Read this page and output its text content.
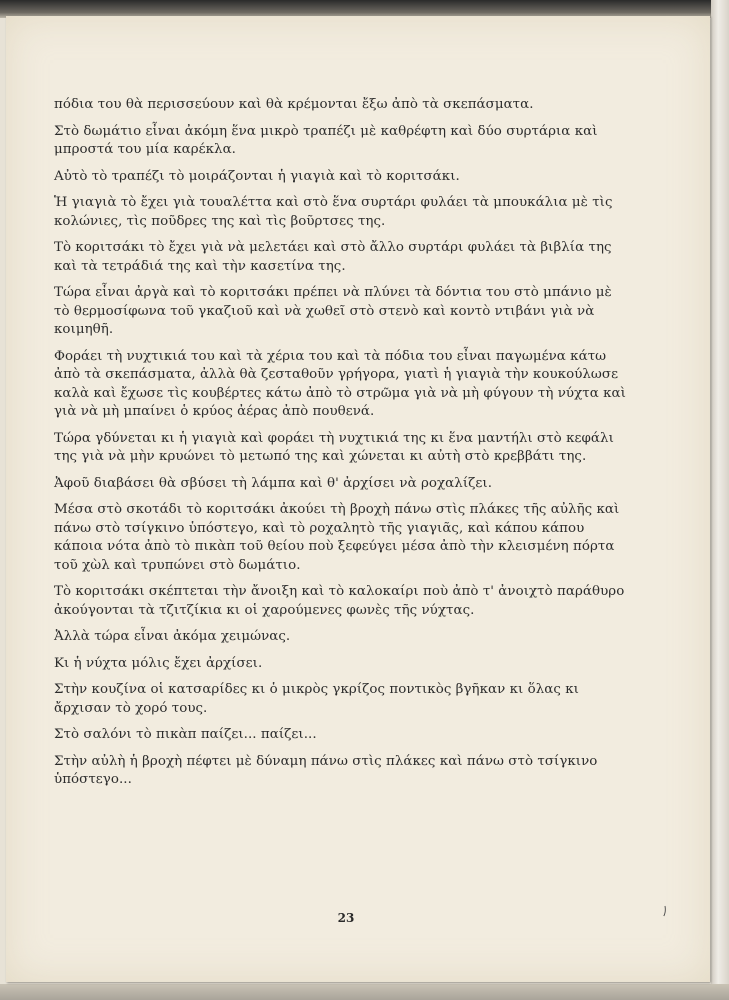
πόδια του θὰ περισσεύουν καὶ θὰ κρέμονται ἔξω ἀπὸ τὰ σκεπάσματα.

Στὸ δωμάτιο εἶναι ἀκόμη ἕνα μικρὸ τραπέζι μὲ καθρέφτη καὶ δύο συρτάρια καὶ μπροστά του μία καρέκλα.

Αὐτὸ τὸ τραπέζι τὸ μοιράζονται ἡ γιαγιὰ καὶ τὸ κοριτσάκι.

Ἡ γιαγιὰ τὸ ἔχει γιὰ τουαλέττα καὶ στὸ ἕνα συρτάρι φυλάει τὰ μπουκάλια μὲ τὶς κολώνιες, τὶς ποῦδρες της καὶ τὶς βοῦρτσες της.

Τὸ κοριτσάκι τὸ ἔχει γιὰ νὰ μελετάει καὶ στὸ ἄλλο συρτάρι φυλάει τὰ βιβλία της καὶ τὰ τετράδιά της καὶ τὴν κασετίνα της.

Τώρα εἶναι ἀργὰ καὶ τὸ κοριτσάκι πρέπει νὰ πλύνει τὰ δόντια του στὸ μπάνιο μὲ τὸ θερμοσίφωνα τοῦ γκαζιοῦ καὶ νὰ χωθεῖ στὸ στενὸ καὶ κοντὸ ντιβάνι γιὰ νὰ κοιμηθῆ.

Φοράει τὴ νυχτικιά του καὶ τὰ χέρια του καὶ τὰ πόδια του εἶναι παγωμένα κάτω ἀπὸ τὰ σκεπάσματα, ἀλλὰ θὰ ζεσταθοῦν γρήγορα, γιατὶ ἡ γιαγιὰ τὴν κουκούλωσε καλὰ καὶ ἔχωσε τὶς κουβέρτες κάτω ἀπὸ τὸ στρῶμα γιὰ νὰ μὴ φύγουν τὴ νύχτα καὶ γιὰ νὰ μὴ μπαίνει ὁ κρύος ἀέρας ἀπὸ πουθενά.

Τώρα γδύνεται κι ἡ γιαγιὰ καὶ φοράει τὴ νυχτικιά της κι ἕνα μαντήλι στὸ κεφάλι της γιὰ νὰ μὴν κρυώνει τὸ μετωπό της καὶ χώνεται κι αὐτὴ στὸ κρεββάτι της.

Ἀφοῦ διαβάσει θὰ σβύσει τὴ λάμπα καὶ θ' ἀρχίσει νὰ ροχαλίζει.

Μέσα στὸ σκοτάδι τὸ κοριτσάκι ἀκούει τὴ βροχὴ πάνω στὶς πλάκες τῆς αὐλῆς καὶ πάνω στὸ τσίγκινο ὑπόστεγο, καὶ τὸ ροχαλητὸ τῆς γιαγιᾶς, καὶ κάπου κάπου κάποια νότα ἀπὸ τὸ πικὰπ τοῦ θείου ποὺ ξεφεύγει μέσα ἀπὸ τὴν κλεισμένη πόρτα τοῦ χὼλ καὶ τρυπώνει στὸ δωμάτιο.

Τὸ κοριτσάκι σκέπτεται τὴν ἄνοιξη καὶ τὸ καλοκαίρι ποὺ ἀπὸ τ' ἀνοιχτὸ παράθυρο ἀκούγονται τὰ τζιτζίκια κι οἱ χαρούμενες φωνὲς τῆς νύχτας.

Ἀλλὰ τώρα εἶναι ἀκόμα χειμώνας.

Κι ἡ νύχτα μόλις ἔχει ἀρχίσει.

Στὴν κουζίνα οἱ κατσαρίδες κι ὁ μικρὸς γκρίζος ποντικὸς βγῆκαν κι ὅλας κι ἄρχισαν τὸ χορό τους.

Στὸ σαλόνι τὸ πικὰπ παίζει... παίζει...

Στὴν αὐλὴ ἡ βροχὴ πέφτει μὲ δύναμη πάνω στὶς πλάκες καὶ πάνω στὸ τσίγκινο ὑπόστεγο...

23
